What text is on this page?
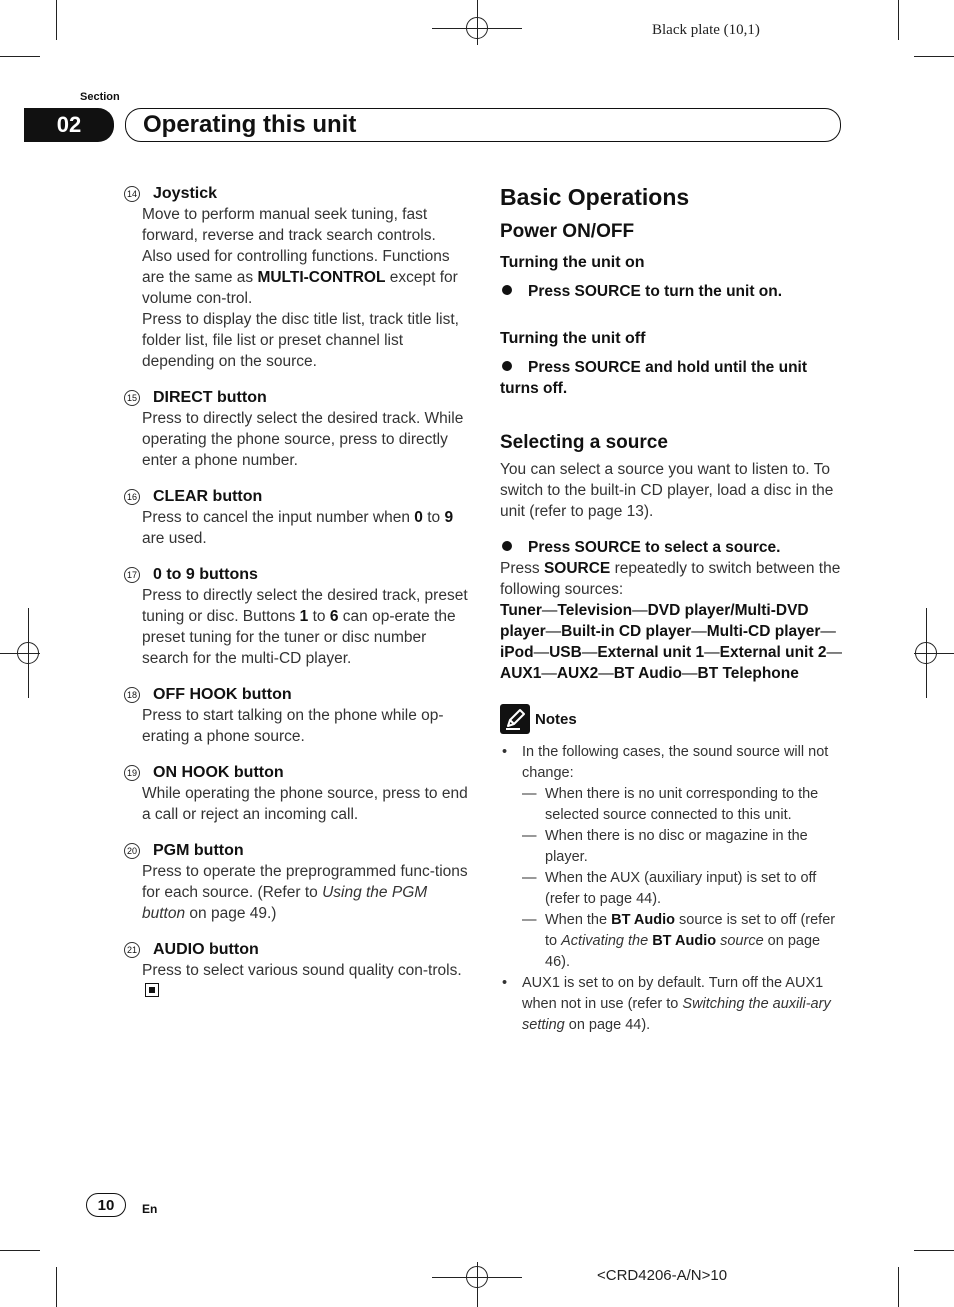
Black plate (10,1)
Section
02	Operating this unit
14 Joystick
Move to perform manual seek tuning, fast forward, reverse and track search controls. Also used for controlling functions. Functions are the same as MULTI-CONTROL except for volume con-trol.
Press to display the disc title list, track title list, folder list, file list or preset channel list depending on the source.
15 DIRECT button
Press to directly select the desired track. While operating the phone source, press to directly enter a phone number.
16 CLEAR button
Press to cancel the input number when 0 to 9 are used.
17 0 to 9 buttons
Press to directly select the desired track, preset tuning or disc. Buttons 1 to 6 can op-erate the preset tuning for the tuner or disc number search for the multi-CD player.
18 OFF HOOK button
Press to start talking on the phone while op-erating a phone source.
19 ON HOOK button
While operating the phone source, press to end a call or reject an incoming call.
20 PGM button
Press to operate the preprogrammed func-tions for each source. (Refer to Using the PGM button on page 49.)
21 AUDIO button
Press to select various sound quality con-trols.
Basic Operations
Power ON/OFF
Turning the unit on
Press SOURCE to turn the unit on.
Turning the unit off
Press SOURCE and hold until the unit turns off.
Selecting a source
You can select a source you want to listen to. To switch to the built-in CD player, load a disc in the unit (refer to page 13).
Press SOURCE to select a source.
Press SOURCE repeatedly to switch between the following sources:
Tuner—Television—DVD player/Multi-DVD player—Built-in CD player—Multi-CD player—iPod—USB—External unit 1—External unit 2—AUX1—AUX2—BT Audio—BT Telephone
Notes
• In the following cases, the sound source will not change:
— When there is no unit corresponding to the selected source connected to this unit.
— When there is no disc or magazine in the player.
— When the AUX (auxiliary input) is set to off (refer to page 44).
— When the BT Audio source is set to off (refer to Activating the BT Audio source on page 46).
• AUX1 is set to on by default. Turn off the AUX1 when not in use (refer to Switching the auxili-ary setting on page 44).
10	En
<CRD4206-A/N>10
